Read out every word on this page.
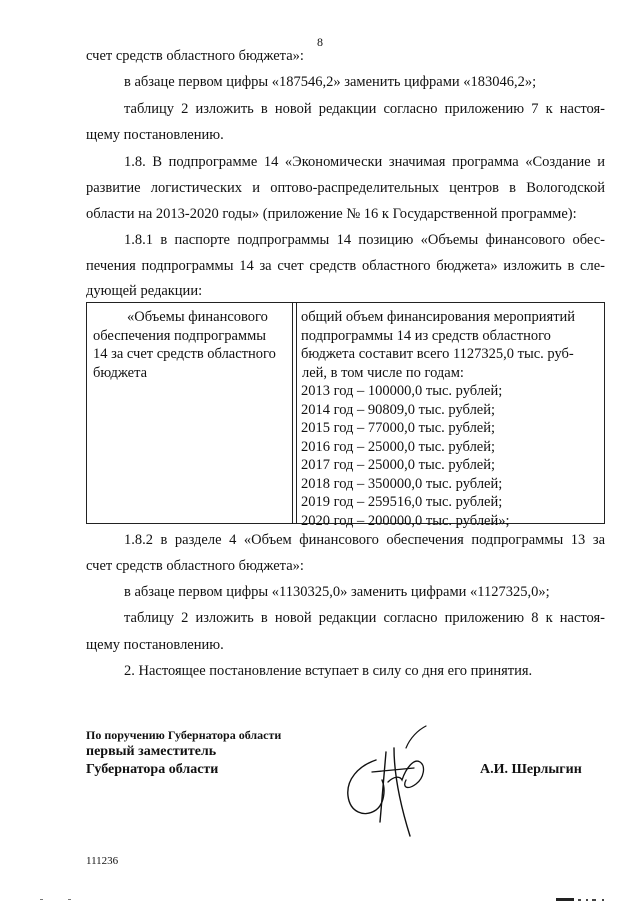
8
счет средств областного бюджета»:
в абзаце первом цифры «187546,2» заменить цифрами «183046,2»;
таблицу 2 изложить в новой редакции согласно приложению 7 к настоя-
щему постановлению.
1.8. В подпрограмме 14 «Экономически значимая программа «Создание и
развитие логистических и оптово-распределительных центров в Вологодской
области на 2013-2020 годы» (приложение № 16 к Государственной программе):
1.8.1 в паспорте подпрограммы 14 позицию «Объемы финансового обес-
печения подпрограммы 14 за счет средств областного бюджета» изложить в сле-
дующей редакции:
«Объемы финансового
обеспечения подпрограммы
14 за счет средств областного
бюджета
общий объем финансирования мероприятий
подпрограммы 14 из средств областного
бюджета составит всего 1127325,0 тыс. руб-
лей, в том числе по годам:
2013 год – 100000,0 тыс. рублей;
2014 год – 90809,0 тыс. рублей;
2015 год – 77000,0 тыс. рублей;
2016 год – 25000,0 тыс. рублей;
2017 год – 25000,0 тыс. рублей;
2018 год – 350000,0 тыс. рублей;
2019 год – 259516,0 тыс. рублей;
2020 год – 200000,0 тыс. рублей»;
1.8.2 в разделе 4 «Объем финансового обеспечения подпрограммы 13 за
счет средств областного бюджета»:
в абзаце первом цифры «1130325,0» заменить цифрами «1127325,0»;
таблицу 2 изложить в новой редакции согласно приложению 8 к настоя-
щему постановлению.
2. Настоящее постановление вступает в силу со дня его принятия.
По поручению Губернатора области
первый заместитель
Губернатора области	А.И. Шерлыгин
111236
